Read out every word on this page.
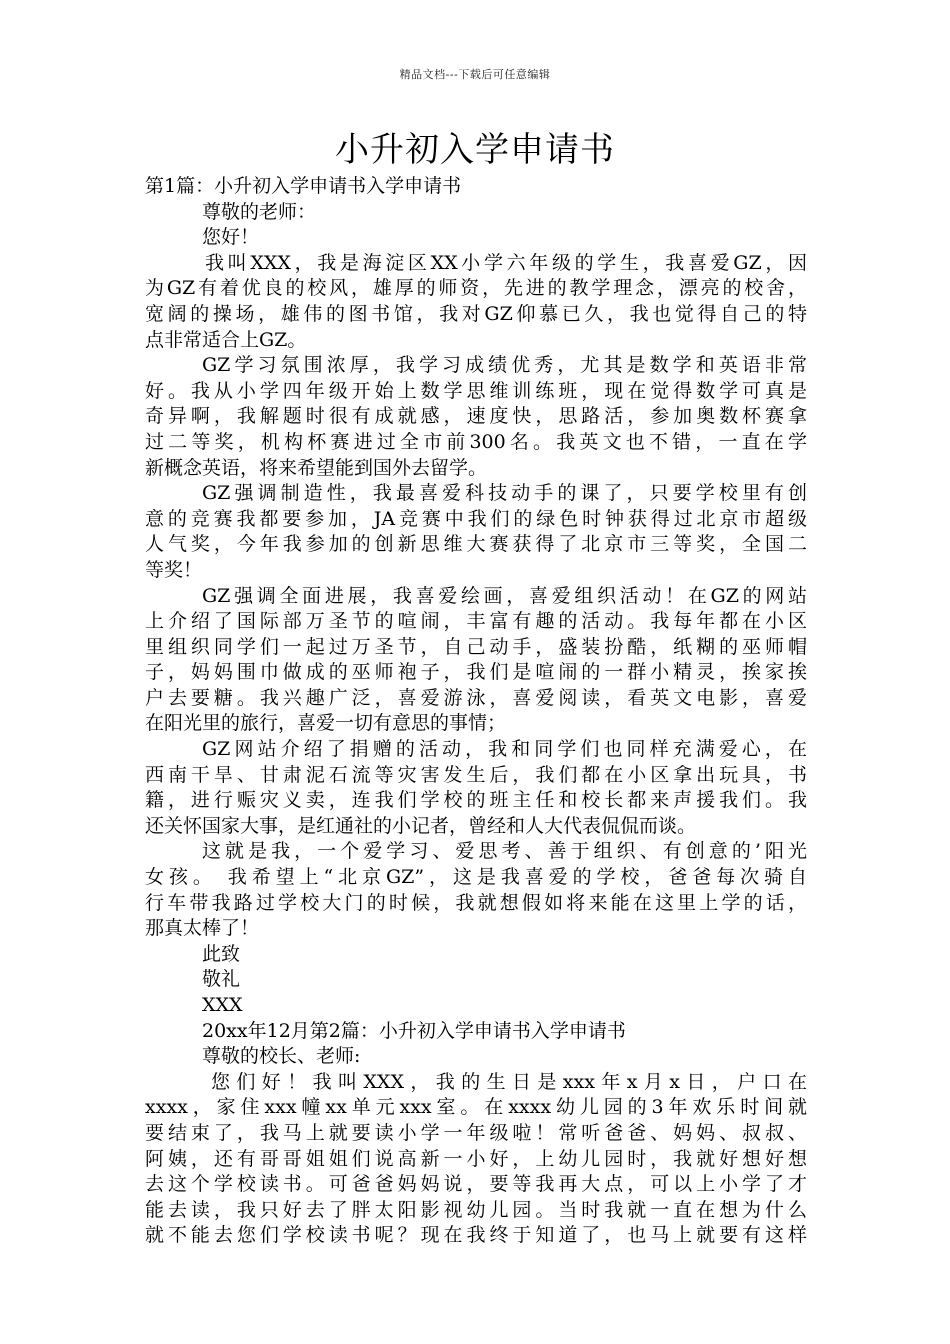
精品文档---下载后可任意编辑
小升初入学申请书
第1篇：小升初入学申请书入学申请书
尊敬的老师：
您好！
我叫XXX，我是海淀区XX小学六年级的学生，我喜爱GZ，因
为GZ有着优良的校风，雄厚的师资，先进的教学理念，漂亮的校舍，
宽阔的操场，雄伟的图书馆，我对GZ仰慕已久，我也觉得自己的特
点非常适合上GZ。
GZ学习氛围浓厚，我学习成绩优秀，尤其是数学和英语非常
好。我从小学四年级开始上数学思维训练班，现在觉得数学可真是
奇异啊，我解题时很有成就感，速度快，思路活，参加奥数杯赛拿
过二等奖，机构杯赛进过全市前300名。我英文也不错，一直在学
新概念英语，将来希望能到国外去留学。
GZ强调制造性，我最喜爱科技动手的课了，只要学校里有创
意的竞赛我都要参加，JA竞赛中我们的绿色时钟获得过北京市超级
人气奖，今年我参加的创新思维大赛获得了北京市三等奖，全国二
等奖！
GZ强调全面进展，我喜爱绘画，喜爱组织活动！在GZ的网站
上介绍了国际部万圣节的喧闹，丰富有趣的活动。我每年都在小区
里组织同学们一起过万圣节，自己动手，盛装扮酷，纸糊的巫师帽
子，妈妈围巾做成的巫师袍子，我们是喧闹的一群小精灵，挨家挨
户去要糖。我兴趣广泛，喜爱游泳，喜爱阅读，看英文电影，喜爱
在阳光里的旅行，喜爱一切有意思的事情；
GZ网站介绍了捐赠的活动，我和同学们也同样充满爱心，在
西南干旱、甘肃泥石流等灾害发生后，我们都在小区拿出玩具，书
籍，进行赈灾义卖，连我们学校的班主任和校长都来声援我们。我
还关怀国家大事，是红通社的小记者，曾经和人大代表侃侃而谈。
这就是我，一个爱学习、爱思考、善于组织、有创意的’阳光
女孩。 我希望上“北京GZ”，这是我喜爱的学校，爸爸每次骑自
行车带我路过学校大门的时候，我就想假如将来能在这里上学的话，
那真太棒了！
此致
敬礼
XXX
20xx年12月第2篇：小升初入学申请书入学申请书
尊敬的校长、老师:
您们好！我叫XXX，我的生日是xxx年x月x日，户口在
xxxx，家住xxx幢xx单元xxx室。在xxxx幼儿园的3年欢乐时间就
要结束了，我马上就要读小学一年级啦！常听爸爸、妈妈、叔叔、
阿姨，还有哥哥姐姐们说高新一小好，上幼儿园时，我就好想好想
去这个学校读书。可爸爸妈妈说，要等我再大点，可以上小学了才
能去读，我只好去了胖太阳影视幼儿园。当时我就一直在想为什么
就不能去您们学校读书呢？现在我终于知道了，也马上就要有这样
